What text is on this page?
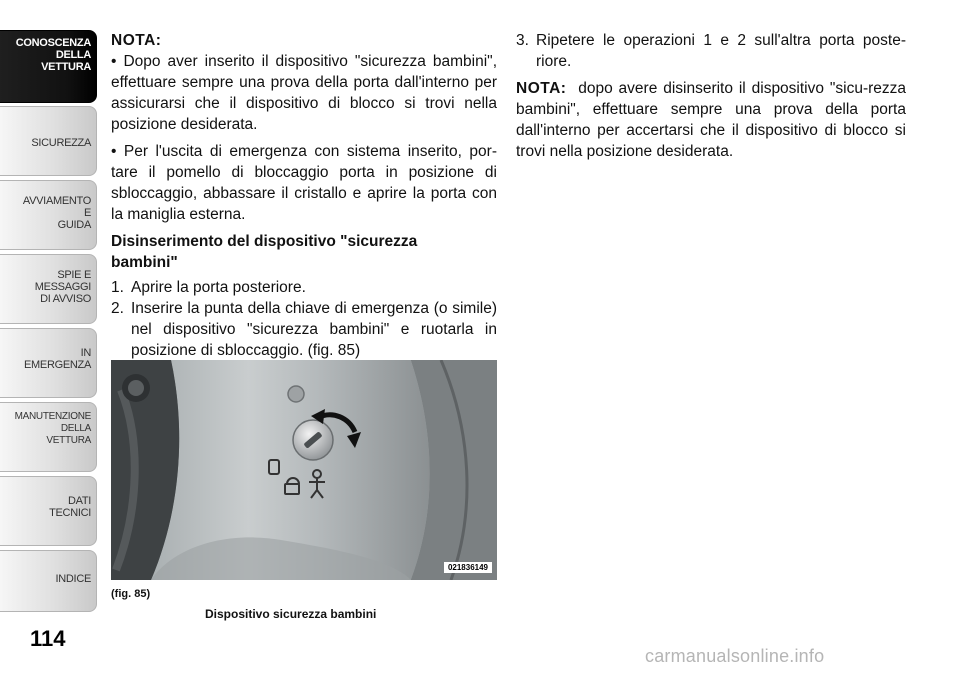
CONOSCENZA
DELLA
VETTURA
SICUREZZA
AVVIAMENTO
E
GUIDA
SPIE E
MESSAGGI
DI AVVISO
IN
EMERGENZA
MANUTENZIONE
DELLA
VETTURA
DATI
TECNICI
INDICE
114

NOTA:

• Dopo aver inserito il dispositivo "sicurezza bambini", effettuare sempre una prova della porta dall'interno per assicurarsi che il dispositivo di blocco si trovi nella posizione desiderata.

• Per l'uscita di emergenza con sistema inserito, por-tare il pomello di bloccaggio porta in posizione di sbloccaggio, abbassare il cristallo e aprire la porta con la maniglia esterna.

Disinserimento del dispositivo "sicurezza bambini"

1. Aprire la porta posteriore.
2. Inserire la punta della chiave di emergenza (o simile) nel dispositivo "sicurezza bambini" e ruotarla in posizione di sbloccaggio. (fig. 85)
021836149
(fig. 85)
Dispositivo sicurezza bambini
3. Ripetere le operazioni 1 e 2 sull'altra porta poste-riore.

NOTA: dopo avere disinserito il dispositivo "sicu-rezza bambini", effettuare sempre una prova della porta dall'interno per accertarsi che il dispositivo di blocco si trovi nella posizione desiderata.

carmanualsonline.info
